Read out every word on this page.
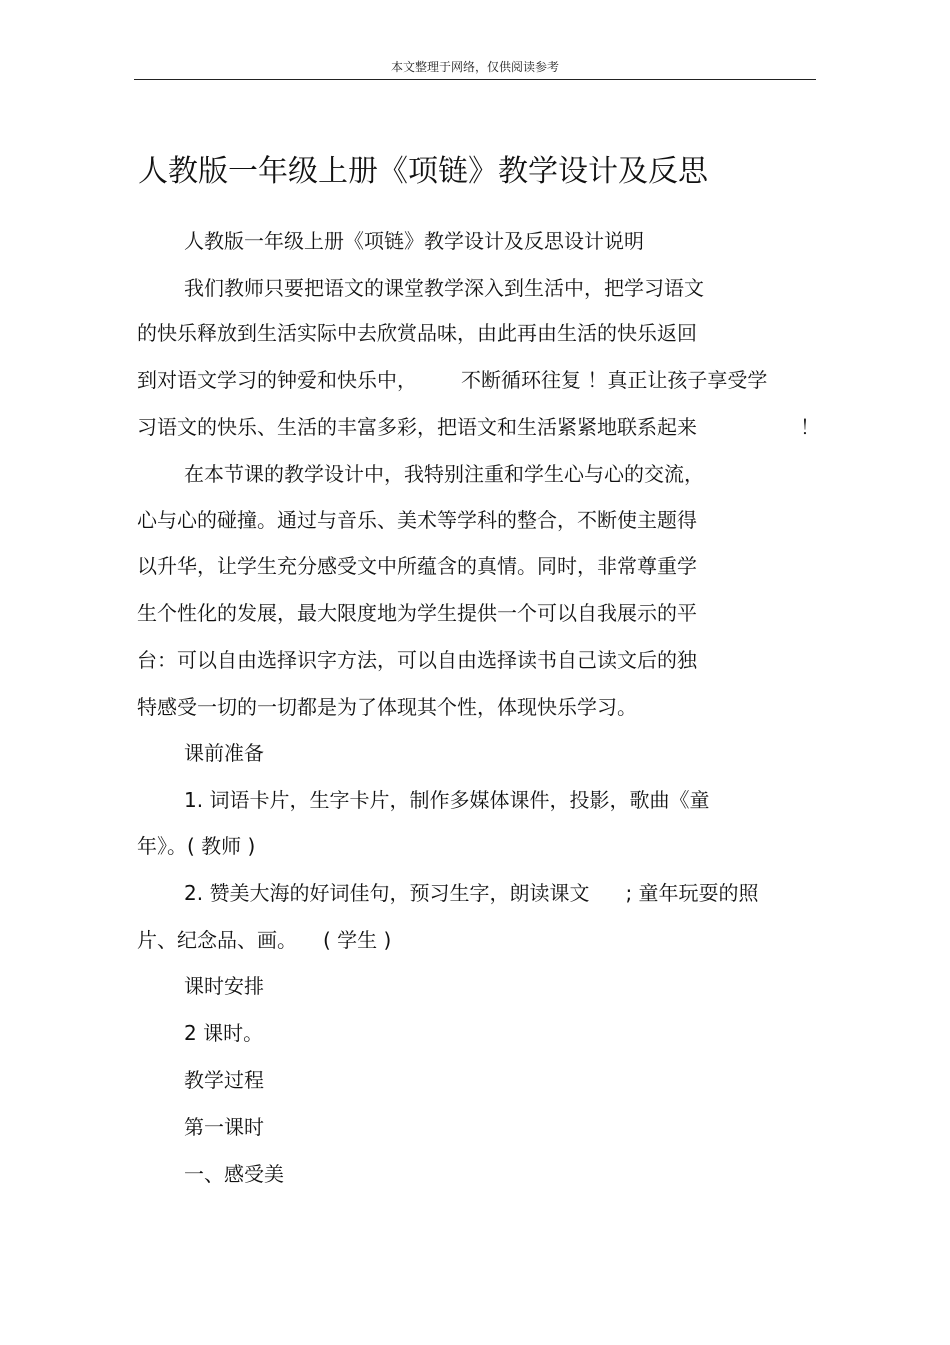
本文整理于网络，仅供阅读参考
人教版一年级上册《项链》教学设计及反思
人教版一年级上册《项链》教学设计及反思设计说明
我们教师只要把语文的课堂教学深入到生活中，把学习语文
的快乐释放到生活实际中去欣赏品味，由此再由生活的快乐返回
到对语文学习的钟爱和快乐中， 不断循环往复 ！真正让孩子享受学
习语文的快乐、生活的丰富多彩，把语文和生活紧紧地联系起来	！
在本节课的教学设计中，我特别注重和学生心与心的交流，
心与心的碰撞。通过与音乐、美术等学科的整合，不断使主题得
以升华，让学生充分感受文中所蕴含的真情。同时，非常尊重学
生个性化的发展，最大限度地为学生提供一个可以自我展示的平
台：可以自由选择识字方法，可以自由选择读书自己读文后的独
特感受一切的一切都是为了体现其个性，体现快乐学习。
课前准备
1. 词语卡片，生字卡片，制作多媒体课件，投影，歌曲《童
年》。( 教师 )
2. 赞美大海的好词佳句，预习生字，朗读课文 ; 童年玩耍的照
片、纪念品、画。 ( 学生 )
课时安排
2 课时。
教学过程
第一课时
一、感受美
